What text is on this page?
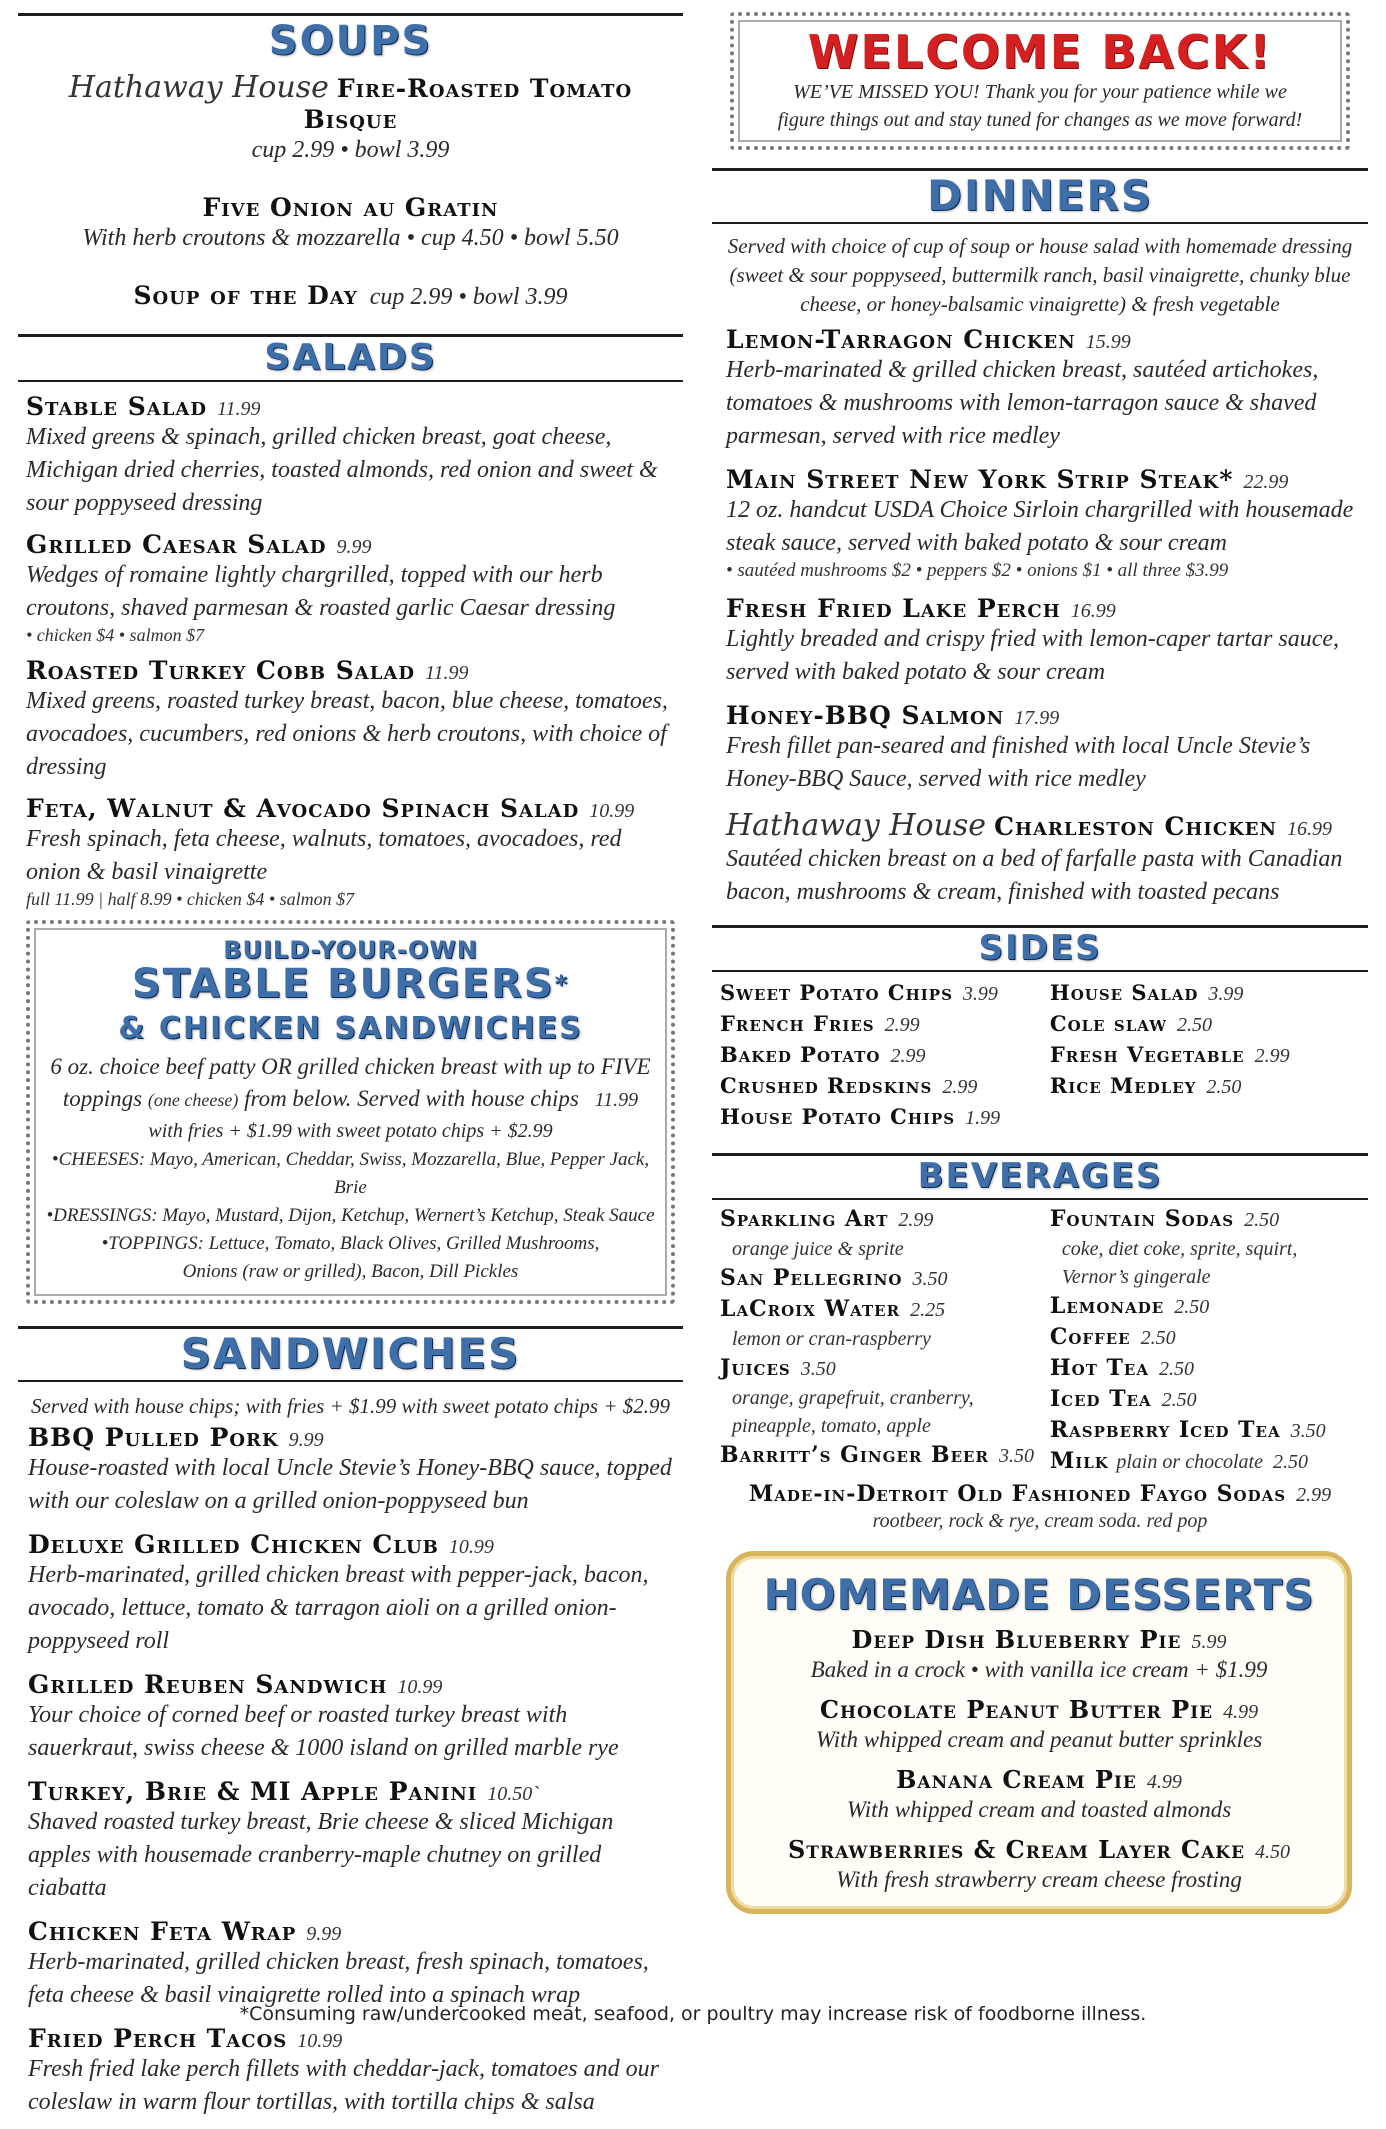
SOUPS
Hathaway House Fire-Roasted Tomato Bisque
cup 2.99 • bowl 3.99
Five Onion au Gratin
With herb croutons & mozzarella • cup 4.50 • bowl 5.50
Soup of the Day cup 2.99 • bowl 3.99
SALADS
Stable Salad 11.99
Mixed greens & spinach, grilled chicken breast, goat cheese, Michigan dried cherries, toasted almonds, red onion and sweet & sour poppyseed dressing
Grilled Caesar Salad 9.99
Wedges of romaine lightly chargrilled, topped with our herb croutons, shaved parmesan & roasted garlic Caesar dressing
• chicken $4 • salmon $7
Roasted Turkey Cobb Salad 11.99
Mixed greens, roasted turkey breast, bacon, blue cheese, tomatoes, avocadoes, cucumbers, red onions & herb croutons, with choice of dressing
Feta, Walnut & Avocado Spinach Salad 10.99
Fresh spinach, feta cheese, walnuts, tomatoes, avocadoes, red onion & basil vinaigrette
full 11.99 | half 8.99 • chicken $4 • salmon $7
BUILD-YOUR-OWN
STABLE BURGERS*
& CHICKEN SANDWICHES
6 oz. choice beef patty OR grilled chicken breast with up to FIVE
toppings (one cheese) from below. Served with house chips 11.99
with fries + $1.99 with sweet potato chips + $2.99
•CHEESES: Mayo, American, Cheddar, Swiss, Mozzarella, Blue, Pepper Jack, Brie
•DRESSINGS: Mayo, Mustard, Dijon, Ketchup, Wernert’s Ketchup, Steak Sauce
•TOPPINGS: Lettuce, Tomato, Black Olives, Grilled Mushrooms,
Onions (raw or grilled), Bacon, Dill Pickles
SANDWICHES
Served with house chips; with fries + $1.99 with sweet potato chips + $2.99
BBQ Pulled Pork 9.99
House-roasted with local Uncle Stevie’s Honey-BBQ sauce, topped with our coleslaw on a grilled onion-poppyseed bun
Deluxe Grilled Chicken Club 10.99
Herb-marinated, grilled chicken breast with pepper-jack, bacon, avocado, lettuce, tomato & tarragon aioli on a grilled onion-poppyseed roll
Grilled Reuben Sandwich 10.99
Your choice of corned beef or roasted turkey breast with sauerkraut, swiss cheese & 1000 island on grilled marble rye
Turkey, Brie & MI Apple Panini 10.50`
Shaved roasted turkey breast, Brie cheese & sliced Michigan apples with housemade cranberry-maple chutney on grilled ciabatta
Chicken Feta Wrap 9.99
Herb-marinated, grilled chicken breast, fresh spinach, tomatoes, feta cheese & basil vinaigrette rolled into a spinach wrap
Fried Perch Tacos 10.99
Fresh fried lake perch fillets with cheddar-jack, tomatoes and our coleslaw in warm flour tortillas, with tortilla chips & salsa
WELCOME BACK!
WE’VE MISSED YOU! Thank you for your patience while we
figure things out and stay tuned for changes as we move forward!
DINNERS
Served with choice of cup of soup or house salad with homemade dressing (sweet & sour poppyseed, buttermilk ranch, basil vinaigrette, chunky blue cheese, or honey-balsamic vinaigrette) & fresh vegetable
Lemon-Tarragon Chicken 15.99
Herb-marinated & grilled chicken breast, sautéed artichokes, tomatoes & mushrooms with lemon-tarragon sauce & shaved parmesan, served with rice medley
Main Street New York Strip Steak* 22.99
12 oz. handcut USDA Choice Sirloin chargrilled with housemade steak sauce, served with baked potato & sour cream
• sautéed mushrooms $2 • peppers $2 • onions $1 • all three $3.99
Fresh Fried Lake Perch 16.99
Lightly breaded and crispy fried with lemon-caper tartar sauce, served with baked potato & sour cream
Honey-BBQ Salmon 17.99
Fresh fillet pan-seared and finished with local Uncle Stevie’s Honey-BBQ Sauce, served with rice medley
Hathaway House Charleston Chicken 16.99
Sautéed chicken breast on a bed of farfalle pasta with Canadian bacon, mushrooms & cream, finished with toasted pecans
SIDES
Sweet Potato Chips 3.99
French Fries 2.99
Baked Potato 2.99
Crushed Redskins 2.99
House Potato Chips 1.99
House Salad 3.99
Cole slaw 2.50
Fresh Vegetable 2.99
Rice Medley 2.50
BEVERAGES
Sparkling Art 2.99
orange juice & sprite
San Pellegrino 3.50
LaCroix Water 2.25
lemon or cran-raspberry
Juices 3.50
orange, grapefruit, cranberry,
pineapple, tomato, apple
Barritt’s Ginger Beer 3.50
Fountain Sodas 2.50
coke, diet coke, sprite, squirt,
Vernor’s gingerale
Lemonade 2.50
Coffee 2.50
Hot Tea 2.50
Iced Tea 2.50
Raspberry Iced Tea 3.50
Milk plain or chocolate 2.50
Made-in-Detroit Old Fashioned Faygo Sodas 2.99
rootbeer, rock & rye, cream soda. red pop
HOMEMADE DESSERTS
Deep Dish Blueberry Pie 5.99
Baked in a crock • with vanilla ice cream + $1.99
Chocolate Peanut Butter Pie 4.99
With whipped cream and peanut butter sprinkles
Banana Cream Pie 4.99
With whipped cream and toasted almonds
Strawberries & Cream Layer Cake 4.50
With fresh strawberry cream cheese frosting
*Consuming raw/undercooked meat, seafood, or poultry may increase risk of foodborne illness.
